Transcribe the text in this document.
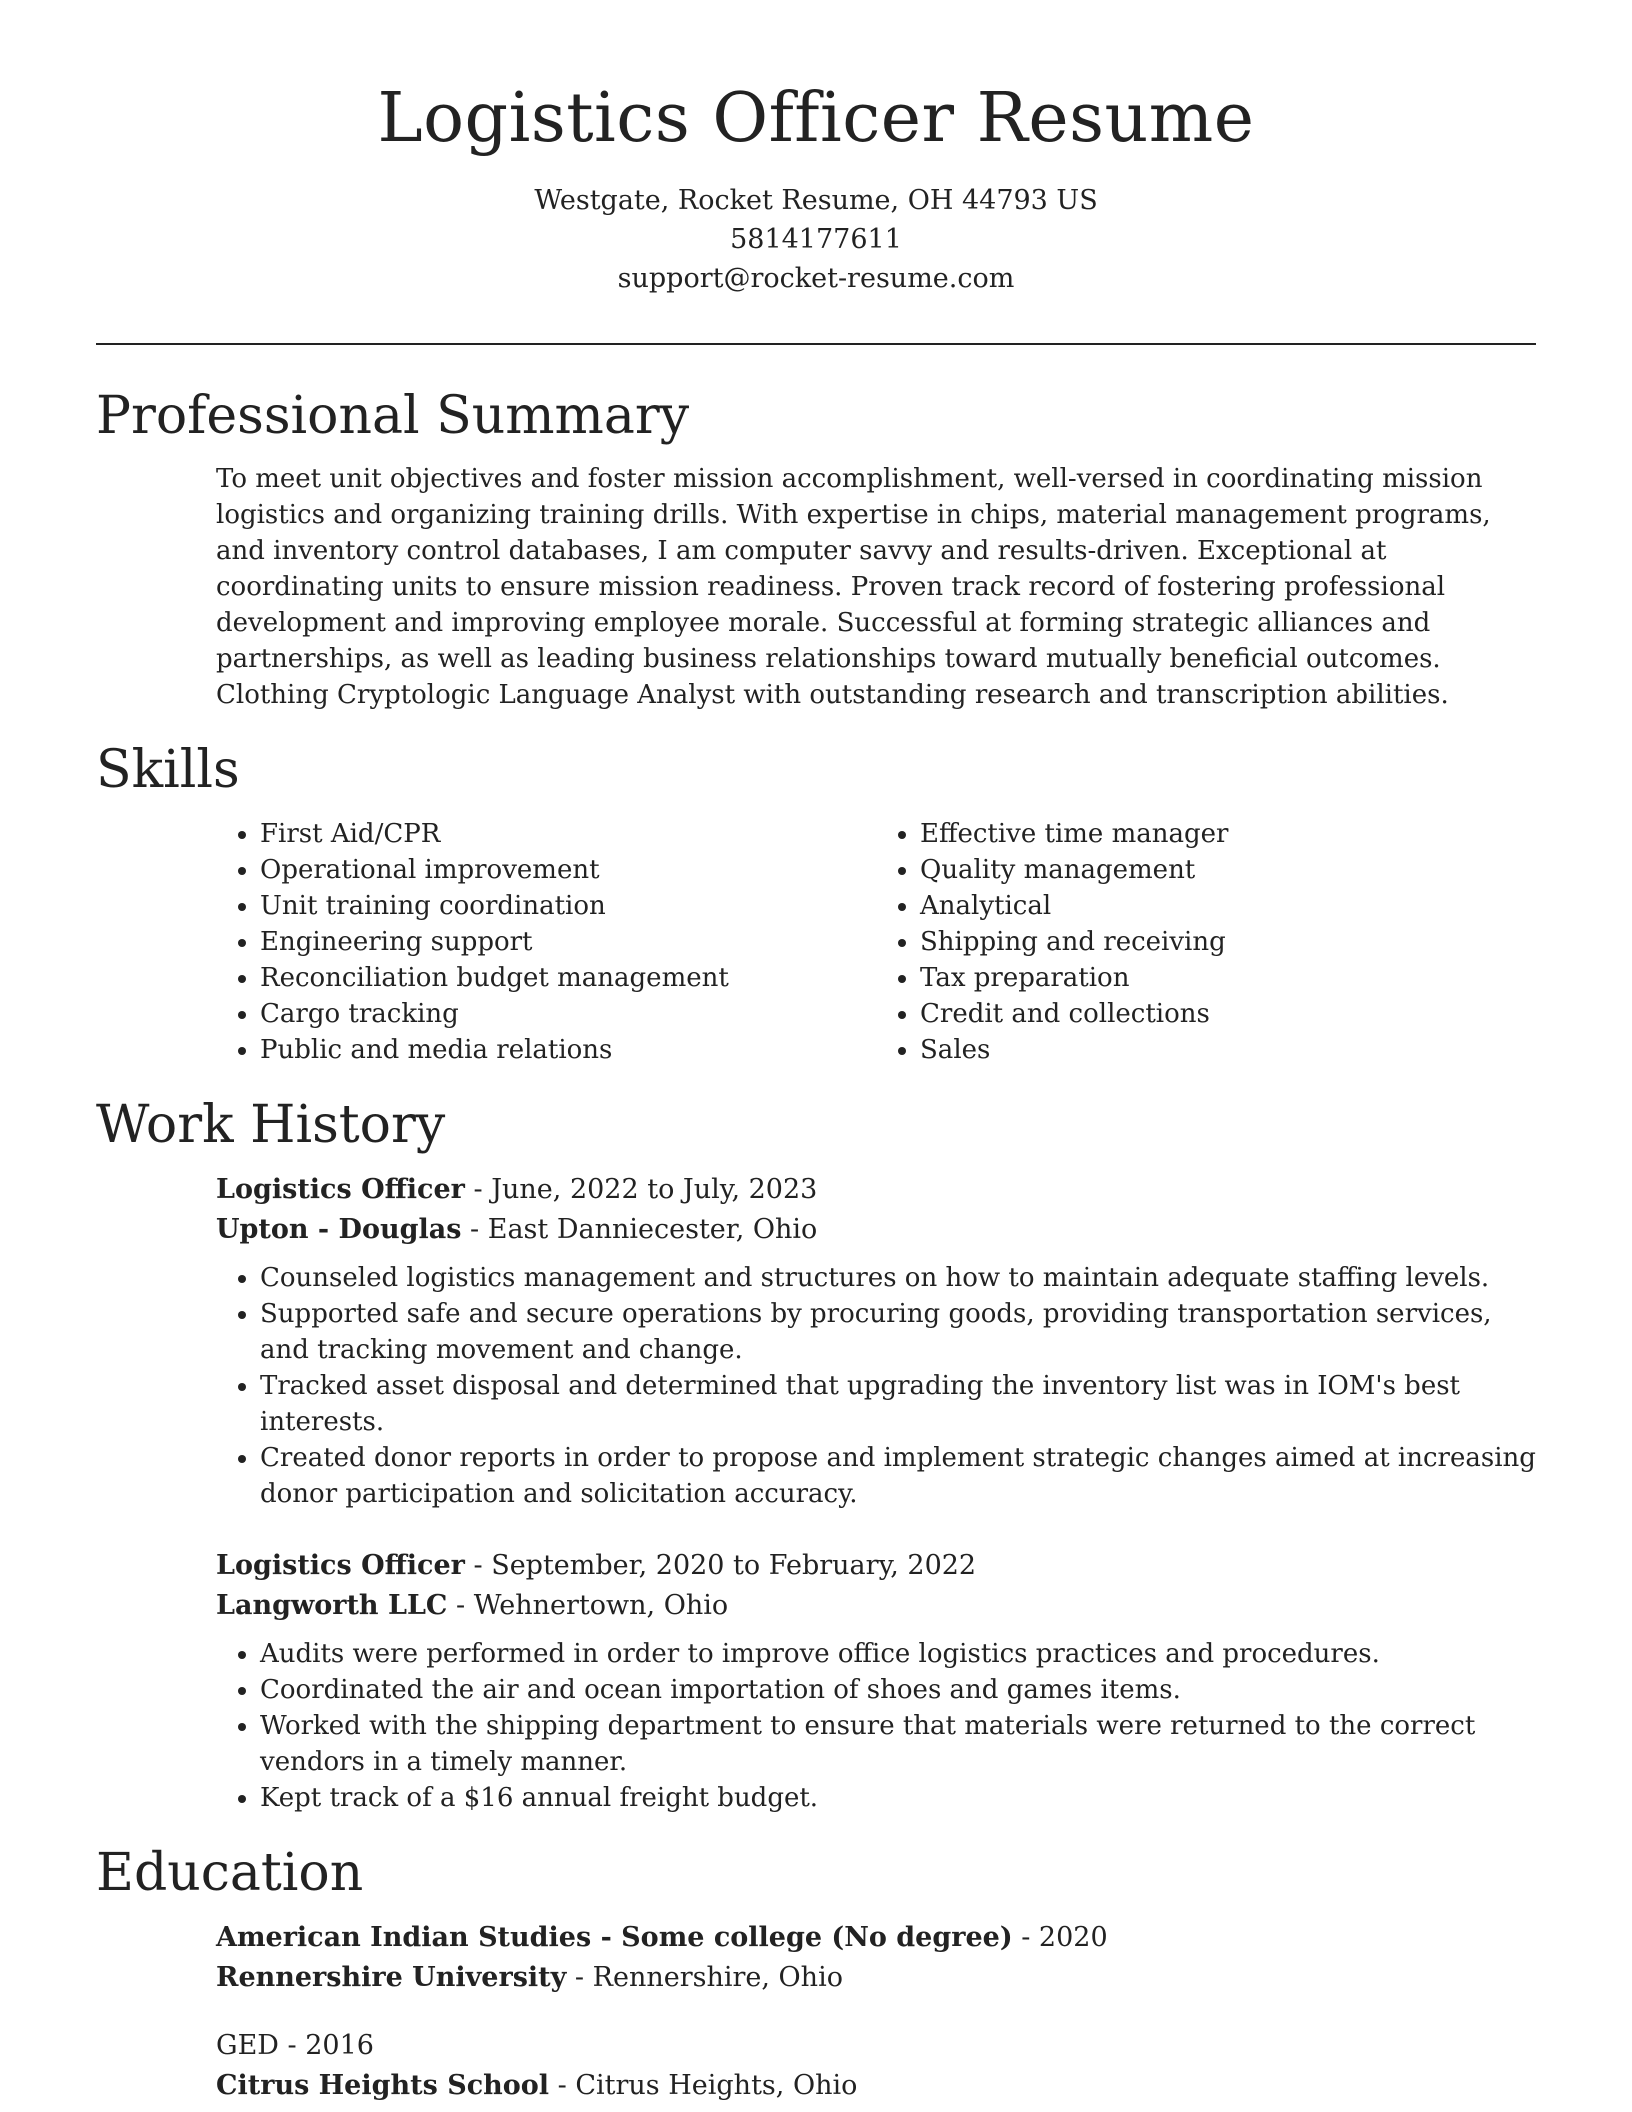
Logistics Officer Resume
Westgate, Rocket Resume, OH 44793 US
5814177611
support@rocket-resume.com
Professional Summary

To meet unit objectives and foster mission accomplishment, well-versed in coordinating mission logistics and organizing training drills. With expertise in chips, material management programs, and inventory control databases, I am computer savvy and results-driven. Exceptional at coordinating units to ensure mission readiness. Proven track record of fostering professional development and improving employee morale. Successful at forming strategic alliances and partnerships, as well as leading business relationships toward mutually beneficial outcomes. Clothing Cryptologic Language Analyst with outstanding research and transcription abilities.

Skills
• First Aid/CPR
• Operational improvement
• Unit training coordination
• Engineering support
• Reconciliation budget management
• Cargo tracking
• Public and media relations
• Effective time manager
• Quality management
• Analytical
• Shipping and receiving
• Tax preparation
• Credit and collections
• Sales
Work History
Logistics Officer - June, 2022 to July, 2023
Upton - Douglas - East Danniecester, Ohio
• Counseled logistics management and structures on how to maintain adequate staffing levels.
• Supported safe and secure operations by procuring goods, providing transportation services, and tracking movement and change.
• Tracked asset disposal and determined that upgrading the inventory list was in IOM's best interests.
• Created donor reports in order to propose and implement strategic changes aimed at increasing donor participation and solicitation accuracy.
Logistics Officer - September, 2020 to February, 2022
Langworth LLC - Wehnertown, Ohio
• Audits were performed in order to improve office logistics practices and procedures.
• Coordinated the air and ocean importation of shoes and games items.
• Worked with the shipping department to ensure that materials were returned to the correct vendors in a timely manner.
• Kept track of a $16 annual freight budget.
Education
American Indian Studies - Some college (No degree) - 2020
Rennershire University - Rennershire, Ohio
GED - 2016
Citrus Heights School - Citrus Heights, Ohio
